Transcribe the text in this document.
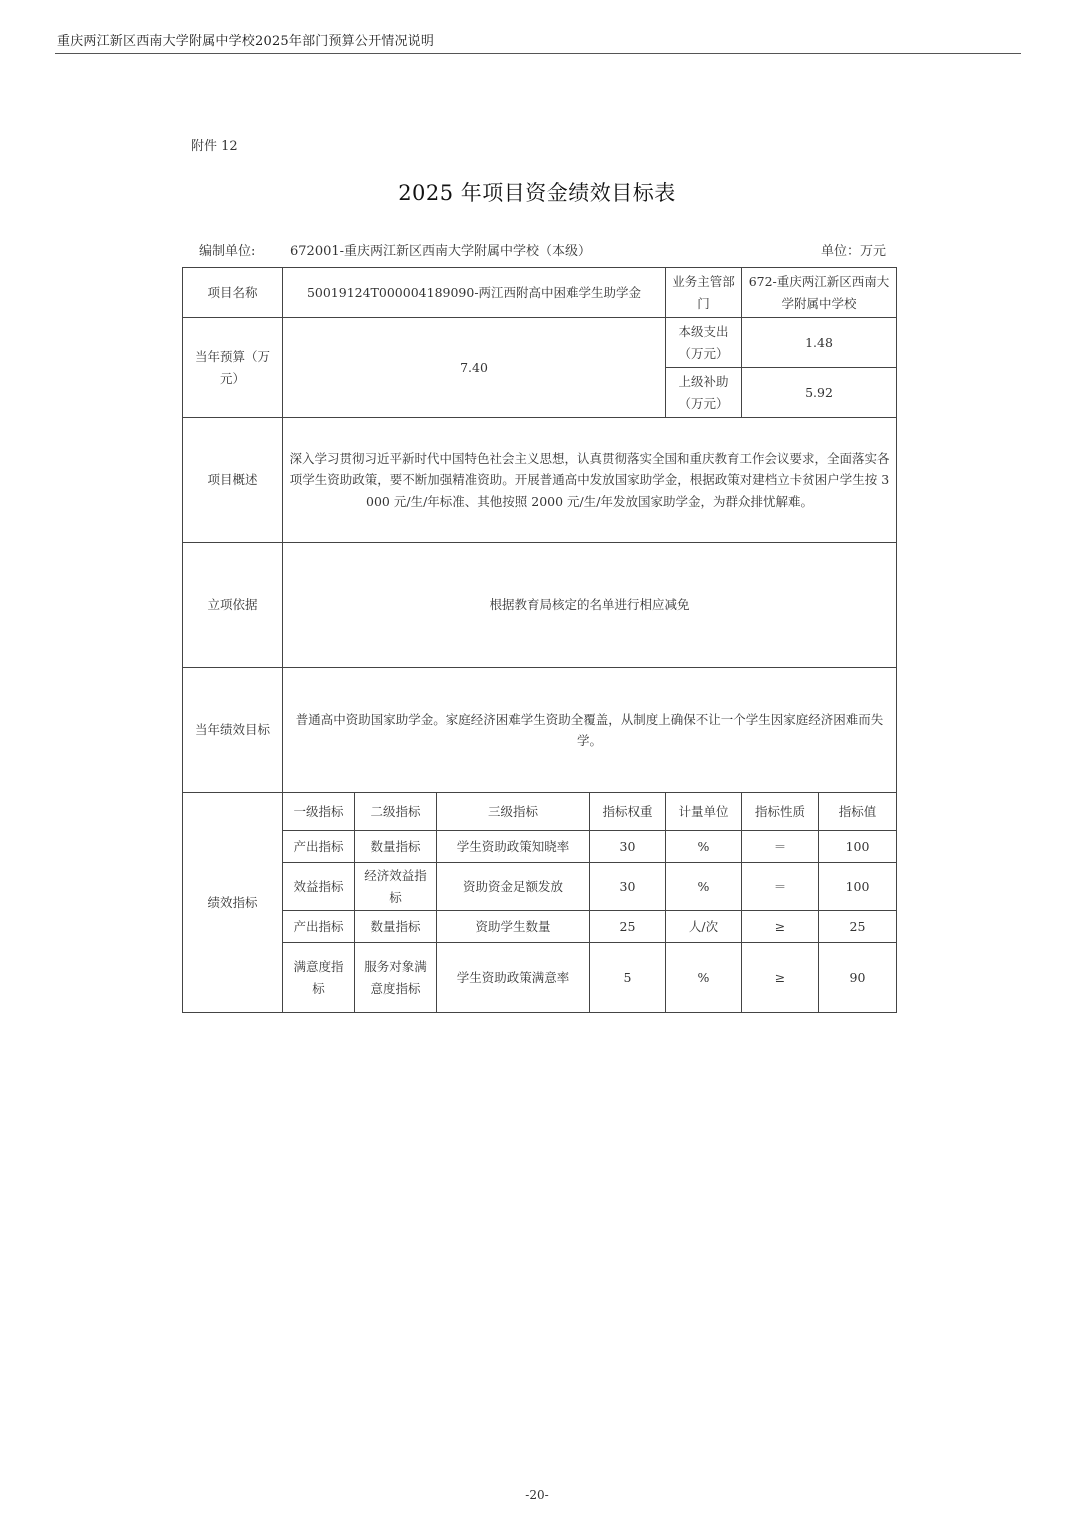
重庆两江新区西南大学附属中学校2025年部门预算公开情况说明
附件 12
2025 年项目资金绩效目标表
编制单位:	672001-重庆两江新区西南大学附属中学校（本级）	单位：万元
项目名称	50019124T000004189090-两江西附高中困难学生助学金				业务主管部门	672-重庆两江新区西南大学附属中学校	
当年预算（万元）	7.40				本级支出（万元）	1.48	
					上级补助（万元）	5.92	
项目概述	深入学习贯彻习近平新时代中国特色社会主义思想，认真贯彻落实全国和重庆教育工作会议要求，全面落实各项学生资助政策，要不断加强精准资助。开展普通高中发放国家助学金，根据政策对建档立卡贫困户学生按 3000 元/生/年标准、其他按照 2000 元/生/年发放国家助学金，为群众排忧解难。						
立项依据	根据教育局核定的名单进行相应减免						
当年绩效目标	普通高中资助国家助学金。家庭经济困难学生资助全覆盖，从制度上确保不让一个学生因家庭经济困难而失学。						
绩效指标	一级指标	二级指标	三级指标	指标权重	计量单位	指标性质	指标值
	产出指标	数量指标	学生资助政策知晓率	30	%	＝	100
	效益指标	经济效益指标	资助资金足额发放	30	%	＝	100
	产出指标	数量指标	资助学生数量	25	人/次	≥	25
	满意度指标	服务对象满意度指标	学生资助政策满意率	5	%	≥	90
-20-
